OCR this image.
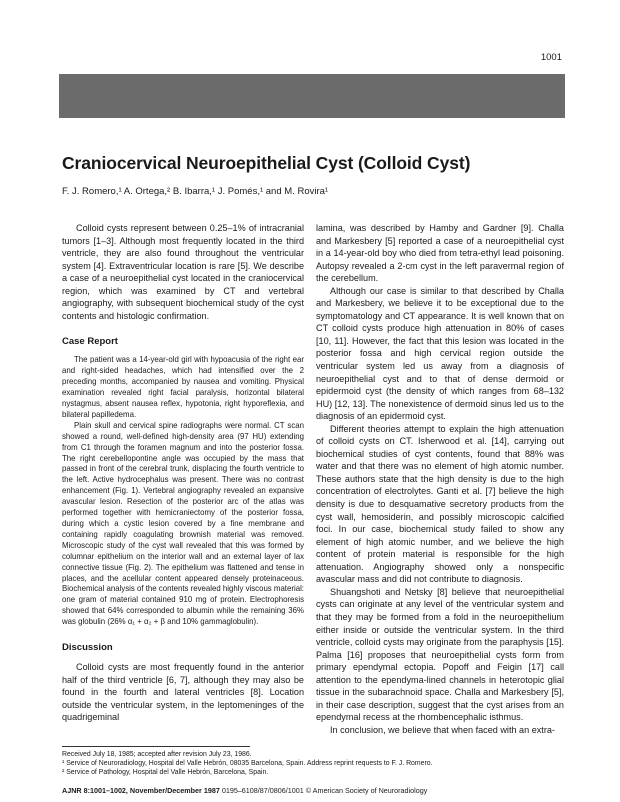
1001
Craniocervical Neuroepithelial Cyst (Colloid Cyst)

F. J. Romero,¹ A. Ortega,² B. Ibarra,¹ J. Pomés,¹ and M. Rovira¹

Colloid cysts represent between 0.25–1% of intracranial tumors [1–3]. Although most frequently located in the third ventricle, they are also found throughout the ventricular system [4]. Extraventricular location is rare [5]. We describe a case of a neuroepithelial cyst located in the craniocervical region, which was examined by CT and vertebral angiography, with subsequent biochemical study of the cyst contents and histologic confirmation.

Case Report

The patient was a 14-year-old girl with hypoacusia of the right ear and right-sided headaches, which had intensified over the 2 preceding months, accompanied by nausea and vomiting. Physical examination revealed right facial paralysis, horizontal bilateral nystagmus, absent nausea reflex, hypotonia, right hyporeflexia, and bilateral papilledema.

Plain skull and cervical spine radiographs were normal. CT scan showed a round, well-defined high-density area (97 HU) extending from C1 through the foramen magnum and into the posterior fossa. The right cerebellopontine angle was occupied by the mass that passed in front of the cerebral trunk, displacing the fourth ventricle to the left. Active hydrocephalus was present. There was no contrast enhancement (Fig. 1). Vertebral angiography revealed an expansive avascular lesion. Resection of the posterior arc of the atlas was performed together with hemicraniectomy of the posterior fossa, during which a cystic lesion covered by a fine membrane and containing rapidly coagulating brownish material was removed. Microscopic study of the cyst wall revealed that this was formed by columnar epithelium on the interior wall and an external layer of lax connective tissue (Fig. 2). The epithelium was flattened and tense in places, and the acellular content appeared densely proteinaceous. Biochemical analysis of the contents revealed highly viscous material: one gram of material contained 910 mg of protein. Electrophoresis showed that 64% corresponded to albumin while the remaining 36% was globulin (26% α₁ + α₂ + β and 10% gammaglobulin).

Discussion

Colloid cysts are most frequently found in the anterior half of the third ventricle [6, 7], although they may also be found in the fourth and lateral ventricles [8]. Location outside the ventricular system, in the leptomeninges of the quadrigeminal

lamina, was described by Hamby and Gardner [9]. Challa and Markesbery [5] reported a case of a neuroepithelial cyst in a 14-year-old boy who died from tetra-ethyl lead poisoning. Autopsy revealed a 2-cm cyst in the left paravermal region of the cerebellum.

Although our case is similar to that described by Challa and Markesbery, we believe it to be exceptional due to the symptomatology and CT appearance. It is well known that on CT colloid cysts produce high attenuation in 80% of cases [10, 11]. However, the fact that this lesion was located in the posterior fossa and high cervical region outside the ventricular system led us away from a diagnosis of neuroepithelial cyst and to that of dense dermoid or epidermoid cyst (the density of which ranges from 68–132 HU) [12, 13]. The nonexistence of dermoid sinus led us to the diagnosis of an epidermoid cyst.

Different theories attempt to explain the high attenuation of colloid cysts on CT. Isherwood et al. [14], carrying out biochemical studies of cyst contents, found that 88% was water and that there was no element of high atomic number. These authors state that the high density is due to the high concentration of electrolytes. Ganti et al. [7] believe the high density is due to desquamative secretory products from the cyst wall, hemosiderin, and possibly microscopic calcified foci. In our case, biochemical study failed to show any element of high atomic number, and we believe the high content of protein material is responsible for the high attenuation. Angiography showed only a nonspecific avascular mass and did not contribute to diagnosis.

Shuangshoti and Netsky [8] believe that neuroepithelial cysts can originate at any level of the ventricular system and that they may be formed from a fold in the neuroepithelium either inside or outside the ventricular system. In the third ventricle, colloid cysts may originate from the paraphysis [15]. Palma [16] proposes that neuroepithelial cysts form from primary ependymal ectopia. Popoff and Feigin [17] call attention to the ependyma-lined channels in heterotopic glial tissue in the subarachnoid space. Challa and Markesbery [5], in their case description, suggest that the cyst arises from an ependymal recess at the rhombencephalic isthmus.

In conclusion, we believe that when faced with an extra-

Received July 18, 1985; accepted after revision July 23, 1986.
¹ Service of Neuroradiology, Hospital del Valle Hebrón, 08035 Barcelona, Spain. Address reprint requests to F. J. Romero.
² Service of Pathology, Hospital del Valle Hebrón, Barcelona, Spain.
AJNR 8:1001–1002, November/December 1987 0195–6108/87/0806/1001 © American Society of Neuroradiology
